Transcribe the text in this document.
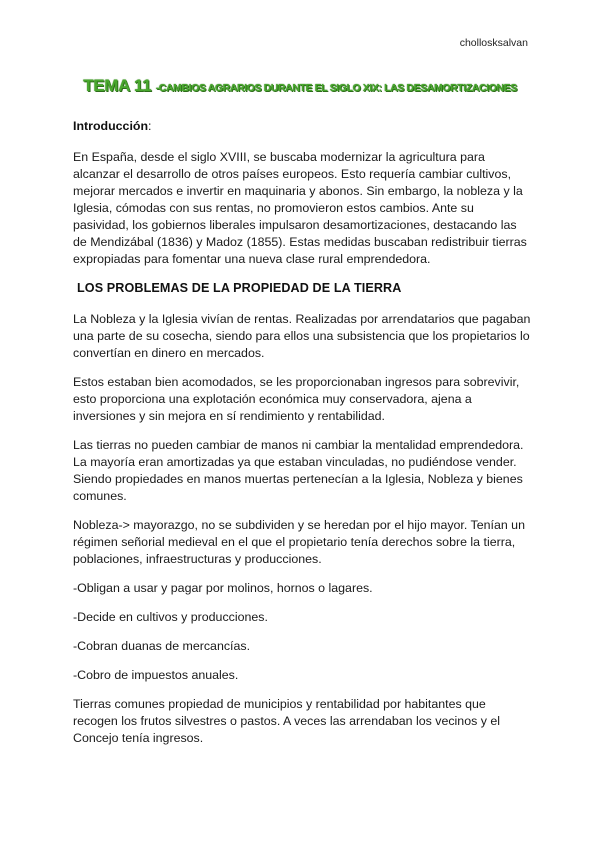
chollosksalvan
TEMA 11 -CAMBIOS AGRARIOS DURANTE EL SIGLO XIX: LAS DESAMORTIZACIONES

Introducción:

En España, desde el siglo XVIII, se buscaba modernizar la agricultura para alcanzar el desarrollo de otros países europeos. Esto requería cambiar cultivos, mejorar mercados e invertir en maquinaria y abonos. Sin embargo, la nobleza y la Iglesia, cómodas con sus rentas, no promovieron estos cambios. Ante su pasividad, los gobiernos liberales impulsaron desamortizaciones, destacando las de Mendizábal (1836) y Madoz (1855). Estas medidas buscaban redistribuir tierras expropiadas para fomentar una nueva clase rural emprendedora.

LOS PROBLEMAS DE LA PROPIEDAD DE LA TIERRA

La Nobleza y la Iglesia vivían de rentas. Realizadas por arrendatarios que pagaban una parte de su cosecha, siendo para ellos una subsistencia que los propietarios lo convertían en dinero en mercados.

Estos estaban bien acomodados, se les proporcionaban ingresos para sobrevivir, esto proporciona una explotación económica muy conservadora, ajena a inversiones y sin mejora en sí rendimiento y rentabilidad.

Las tierras no pueden cambiar de manos ni cambiar la mentalidad emprendedora. La mayoría eran amortizadas ya que estaban vinculadas, no pudiéndose vender. Siendo propiedades en manos muertas pertenecían a la Iglesia, Nobleza y bienes comunes.

Nobleza-> mayorazgo, no se subdividen y se heredan por el hijo mayor. Tenían un régimen señorial medieval en el que el propietario tenía derechos sobre la tierra, poblaciones, infraestructuras y producciones.

-Obligan a usar y pagar por molinos, hornos o lagares.

-Decide en cultivos y producciones.

-Cobran duanas de mercancías.

-Cobro de impuestos anuales.

Tierras comunes propiedad de municipios y rentabilidad por habitantes que recogen los frutos silvestres o pastos. A veces las arrendaban los vecinos y el Concejo tenía ingresos.
